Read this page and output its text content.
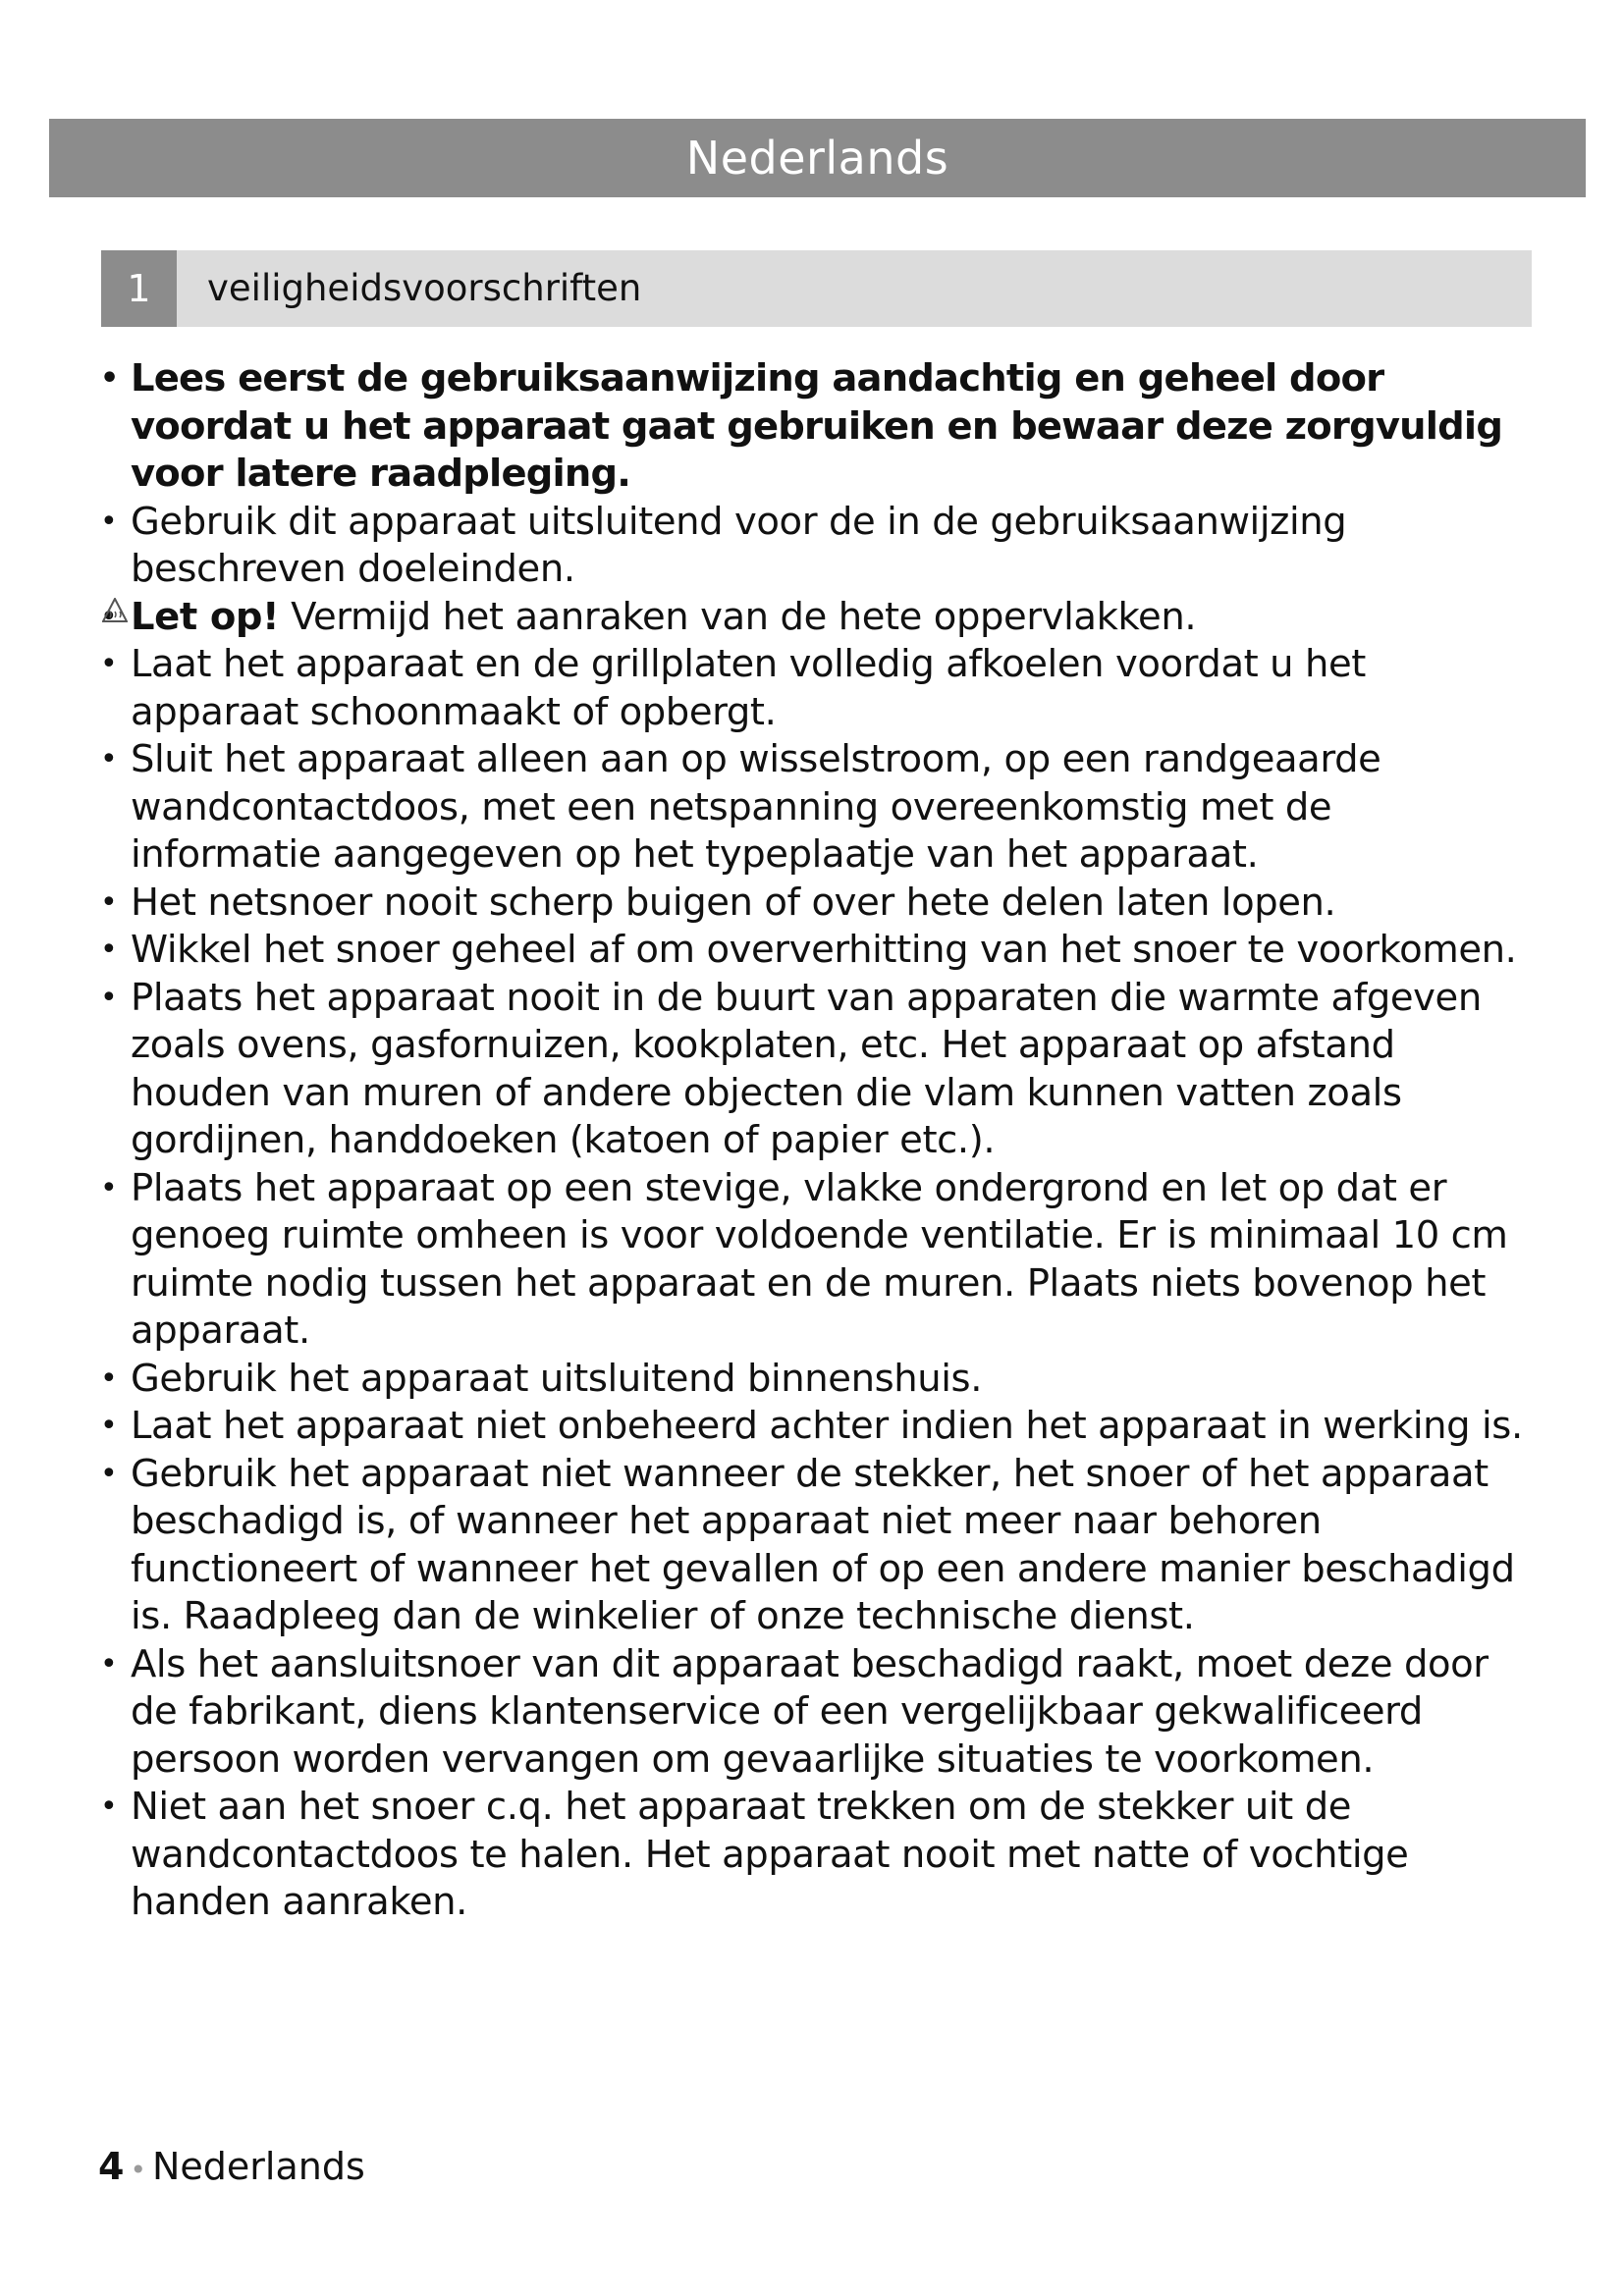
Nederlands
1	veiligheidsvoorschriften
• Lees eerst de gebruiksaanwijzing aandachtig en geheel door voordat u het apparaat gaat gebruiken en bewaar deze zorgvuldig voor latere raadpleging.
• Gebruik dit apparaat uitsluitend voor de in de gebruiksaanwijzing beschreven doeleinden.
• Let op! Vermijd het aanraken van de hete oppervlakken.
• Laat het apparaat en de grillplaten volledig afkoelen voordat u het apparaat schoonmaakt of opbergt.
• Sluit het apparaat alleen aan op wisselstroom, op een randgeaarde wandcontactdoos, met een netspanning overeenkomstig met de informatie aangegeven op het typeplaatje van het apparaat.
• Het netsnoer nooit scherp buigen of over hete delen laten lopen.
• Wikkel het snoer geheel af om oververhitting van het snoer te voorkomen.
• Plaats het apparaat nooit in de buurt van apparaten die warmte afgeven zoals ovens, gasfornuizen, kookplaten, etc. Het apparaat op afstand houden van muren of andere objecten die vlam kunnen vatten zoals gordijnen, handdoeken (katoen of papier etc.).
• Plaats het apparaat op een stevige, vlakke ondergrond en let op dat er genoeg ruimte omheen is voor voldoende ventilatie. Er is minimaal 10 cm ruimte nodig tussen het apparaat en de muren. Plaats niets bovenop het apparaat.
• Gebruik het apparaat uitsluitend binnenshuis.
• Laat het apparaat niet onbeheerd achter indien het apparaat in werking is.
• Gebruik het apparaat niet wanneer de stekker, het snoer of het apparaat beschadigd is, of wanneer het apparaat niet meer naar behoren functioneert of wanneer het gevallen of op een andere manier beschadigd is. Raadpleeg dan de winkelier of onze technische dienst.
• Als het aansluitsnoer van dit apparaat beschadigd raakt, moet deze door de fabrikant, diens klantenservice of een vergelijkbaar gekwalificeerd persoon worden vervangen om gevaarlijke situaties te voorkomen.
• Niet aan het snoer c.q. het apparaat trekken om de stekker uit de wandcontactdoos te halen. Het apparaat nooit met natte of vochtige handen aanraken.
4 • Nederlands
